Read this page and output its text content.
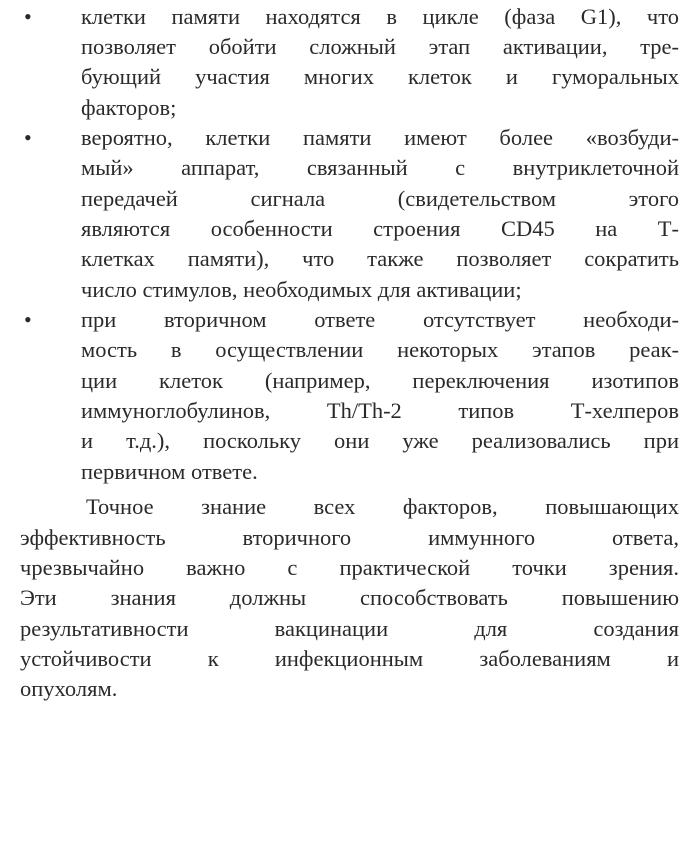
• клетки памяти находятся в цикле (фаза G1), что
позволяет обойти сложный этап активации, тре-
бующий участия многих клеток и гуморальных
факторов;
• вероятно, клетки памяти имеют более «возбуди-
мый» аппарат, связанный с внутриклеточной
передачей сигнала (свидетельством этого
являются особенности строения CD45 на Т-
клетках памяти), что также позволяет сократить
число стимулов, необходимых для активации;
• при вторичном ответе отсутствует необходи-
мость в осуществлении некоторых этапов реак-
ции клеток (например, переключения изотипов
иммуноглобулинов, Th/Th-2 типов Т-хелперов
и т.д.), поскольку они уже реализовались при
первичном ответе.
Точное знание всех факторов, повышающих
эффективность вторичного иммунного ответа,
чрезвычайно важно с практической точки зрения.
Эти знания должны способствовать повышению
результативности вакцинации для создания
устойчивости к инфекционным заболеваниям и
опухолям.
